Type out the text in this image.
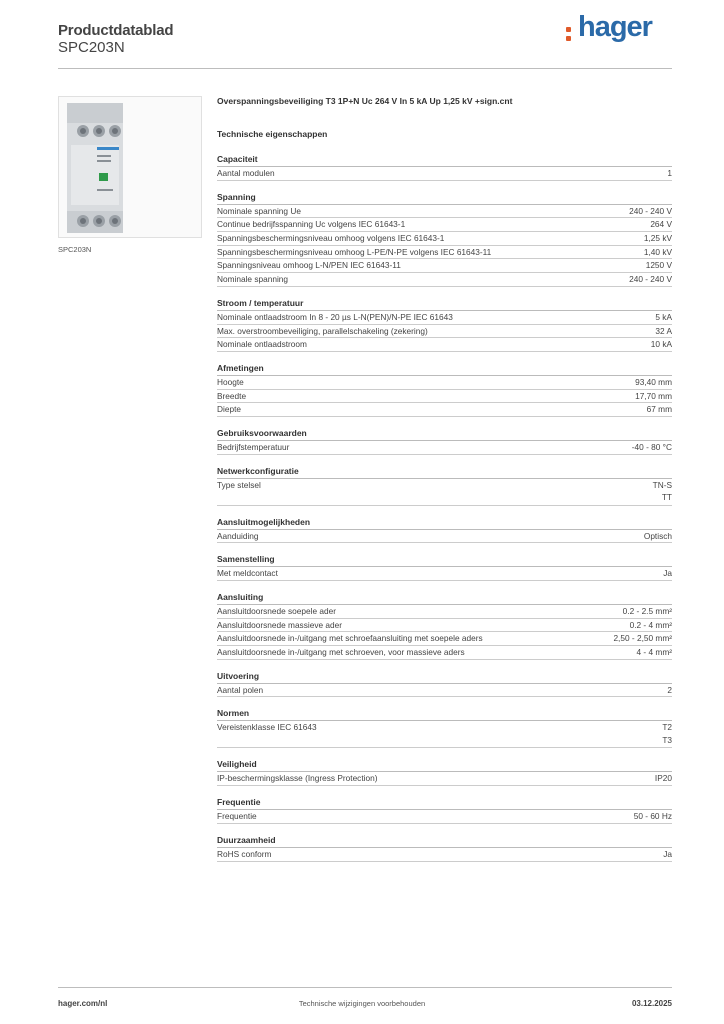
Productdatablad
SPC203N
hager
SPC203N
Overspanningsbeveiliging T3 1P+N Uc 264 V In 5 kA Up 1,25 kV +sign.cnt
Technische eigenschappen
Capaciteit
Aantal modulen	1
Spanning
Nominale spanning Ue	240 - 240 V
Continue bedrijfsspanning Uc volgens IEC 61643-1	264 V
Spanningsbeschermingsniveau omhoog volgens IEC 61643-1	1,25 kV
Spanningsbeschermingsniveau omhoog L-PE/N-PE volgens IEC 61643-11	1,40 kV
Spanningsniveau omhoog L-N/PEN IEC 61643-11	1250 V
Nominale spanning	240 - 240 V
Stroom / temperatuur
Nominale ontlaadstroom In 8 - 20 µs L-N(PEN)/N-PE IEC 61643	5 kA
Max. overstroombeveiliging, parallelschakeling (zekering)	32 A
Nominale ontlaadstroom	10 kA
Afmetingen
Hoogte	93,40 mm
Breedte	17,70 mm
Diepte	67 mm
Gebruiksvoorwaarden
Bedrijfstemperatuur	-40 - 80 °C
Netwerkconfiguratie
Type stelsel	TN-S
TT
Aansluitmogelijkheden
Aanduiding	Optisch
Samenstelling
Met meldcontact	Ja
Aansluiting
Aansluitdoorsnede soepele ader	0.2 - 2.5 mm²
Aansluitdoorsnede massieve ader	0.2 - 4 mm²
Aansluitdoorsnede in-/uitgang met schroefaansluiting met soepele aders	2,50 - 2,50 mm²
Aansluitdoorsnede in-/uitgang met schroeven, voor massieve aders	4 - 4 mm²
Uitvoering
Aantal polen	2
Normen
Vereistenklasse IEC 61643	T2
T3
Veiligheid
IP-beschermingsklasse (Ingress Protection)	IP20
Frequentie
Frequentie	50 - 60 Hz
Duurzaamheid
RoHS conform	Ja
hager.com/nl	Technische wijzigingen voorbehouden	03.12.2025
